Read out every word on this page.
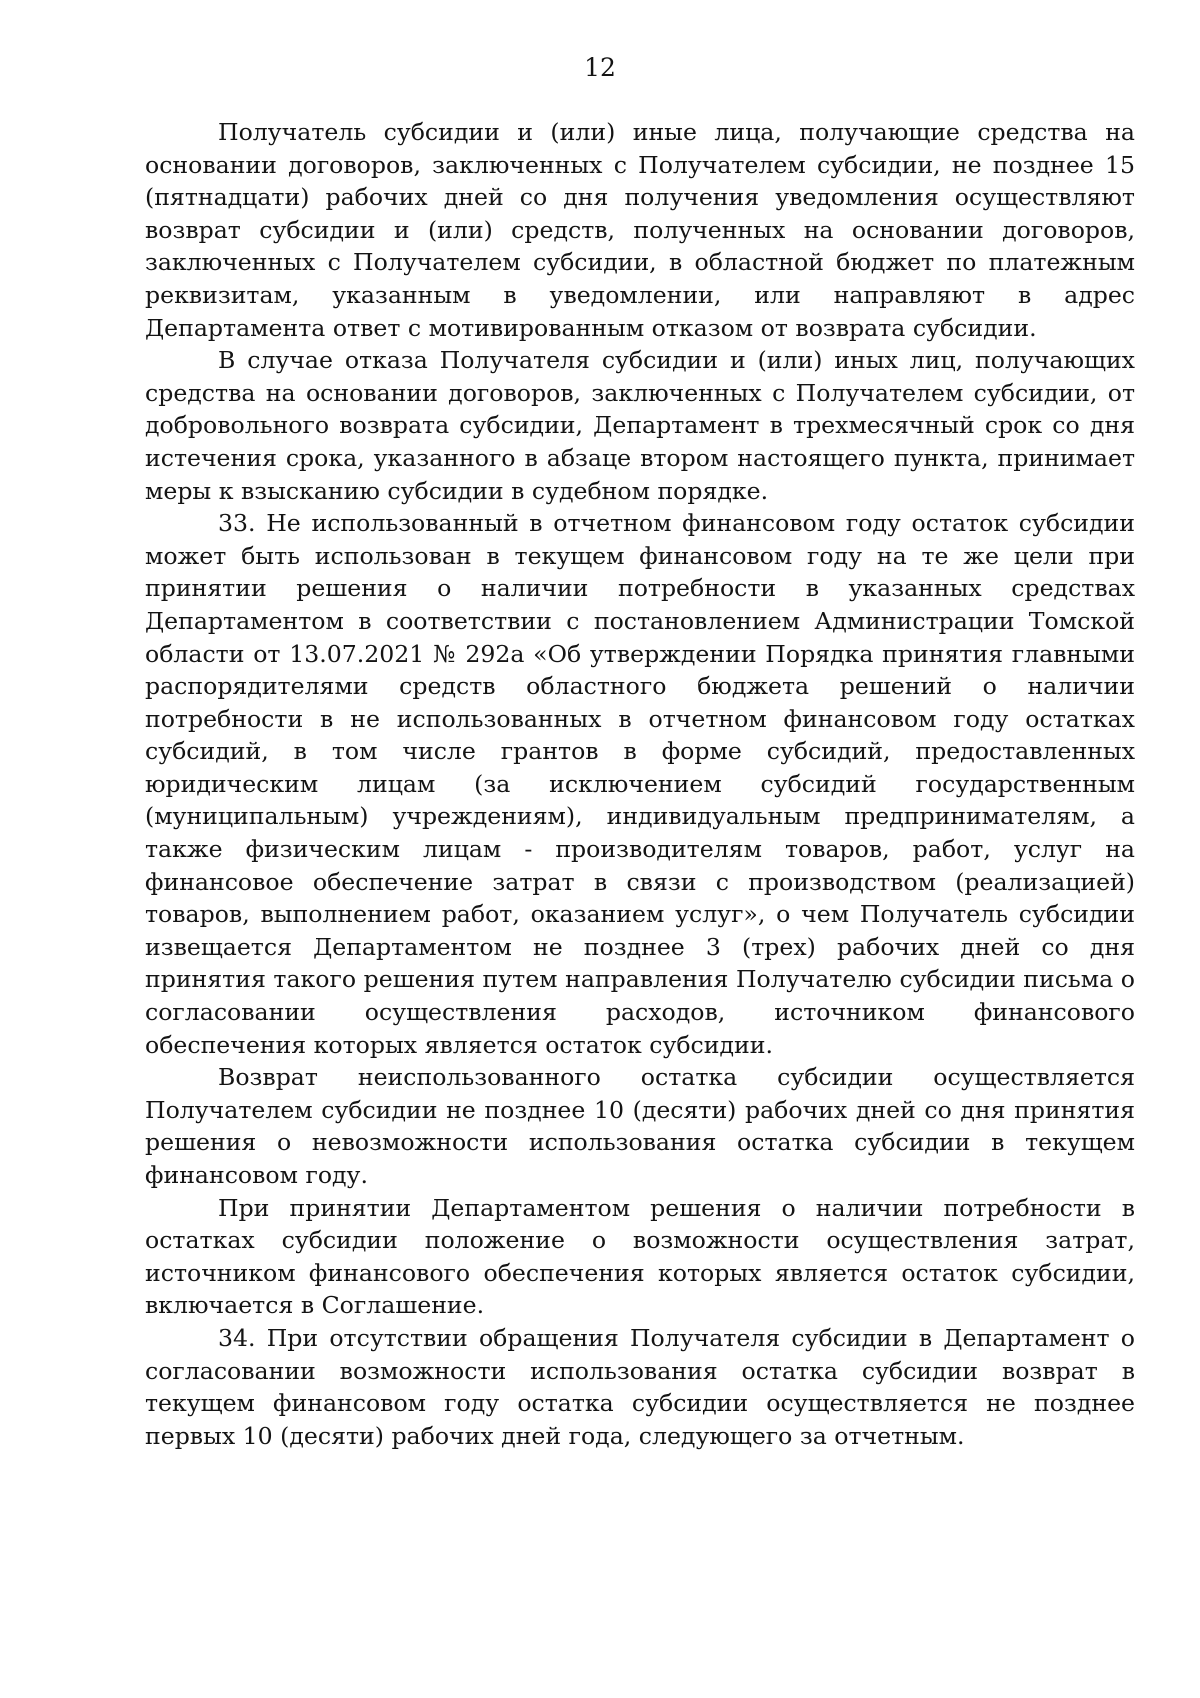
12

Получатель субсидии и (или) иные лица, получающие средства на основании договоров, заключенных с Получателем субсидии, не позднее 15 (пятнадцати) рабочих дней со дня получения уведомления осуществляют возврат субсидии и (или) средств, полученных на основании договоров, заключенных с Получателем субсидии, в областной бюджет по платежным реквизитам, указанным в уведомлении, или направляют в адрес Департамента ответ с мотивированным отказом от возврата субсидии.

В случае отказа Получателя субсидии и (или) иных лиц, получающих средства на основании договоров, заключенных с Получателем субсидии, от добровольного возврата субсидии, Департамент в трехмесячный срок со дня истечения срока, указанного в абзаце втором настоящего пункта, принимает меры к взысканию субсидии в судебном порядке.

33. Не использованный в отчетном финансовом году остаток субсидии может быть использован в текущем финансовом году на те же цели при принятии решения о наличии потребности в указанных средствах Департаментом в соответствии с постановлением Администрации Томской области от 13.07.2021 № 292а «Об утверждении Порядка принятия главными распорядителями средств областного бюджета решений о наличии потребности в не использованных в отчетном финансовом году остатках субсидий, в том числе грантов в форме субсидий, предоставленных юридическим лицам (за исключением субсидий государственным (муниципальным) учреждениям), индивидуальным предпринимателям, а также физическим лицам - производителям товаров, работ, услуг на финансовое обеспечение затрат в связи с производством (реализацией) товаров, выполнением работ, оказанием услуг», о чем Получатель субсидии извещается Департаментом не позднее 3 (трех) рабочих дней со дня принятия такого решения путем направления Получателю субсидии письма о согласовании осуществления расходов, источником финансового обеспечения которых является остаток субсидии.

Возврат неиспользованного остатка субсидии осуществляется Получателем субсидии не позднее 10 (десяти) рабочих дней со дня принятия решения о невозможности использования остатка субсидии в текущем финансовом году.

При принятии Департаментом решения о наличии потребности в остатках субсидии положение о возможности осуществления затрат, источником финансового обеспечения которых является остаток субсидии, включается в Соглашение.

34. При отсутствии обращения Получателя субсидии в Департамент о согласовании возможности использования остатка субсидии возврат в текущем финансовом году остатка субсидии осуществляется не позднее первых 10 (десяти) рабочих дней года, следующего за отчетным.
